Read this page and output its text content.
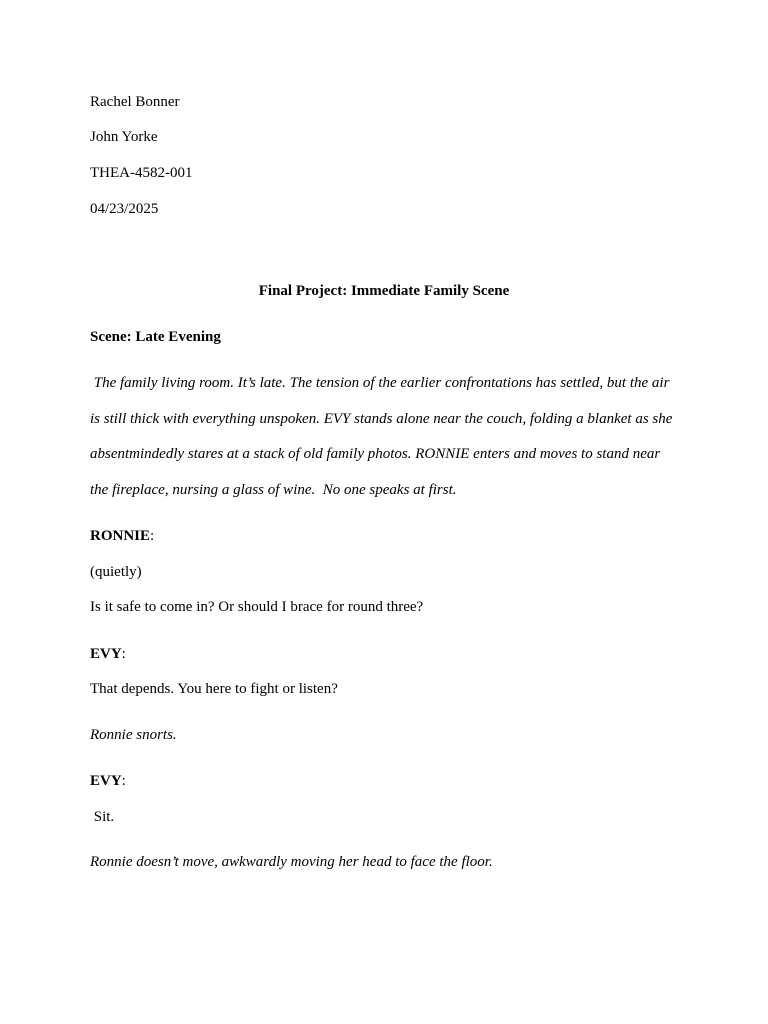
Rachel Bonner
John Yorke
THEA-4582-001
04/23/2025
Final Project: Immediate Family Scene
Scene: Late Evening
The family living room. It’s late. The tension of the earlier confrontations has settled, but the air
is still thick with everything unspoken. EVY stands alone near the couch, folding a blanket as she
absentmindedly stares at a stack of old family photos. RONNIE enters and moves to stand near
the fireplace, nursing a glass of wine.  No one speaks at first.
RONNIE:
(quietly)
Is it safe to come in? Or should I brace for round three?
EVY:
That depends. You here to fight or listen?
Ronnie snorts.
EVY:
Sit.
Ronnie doesn’t move, awkwardly moving her head to face the floor.
